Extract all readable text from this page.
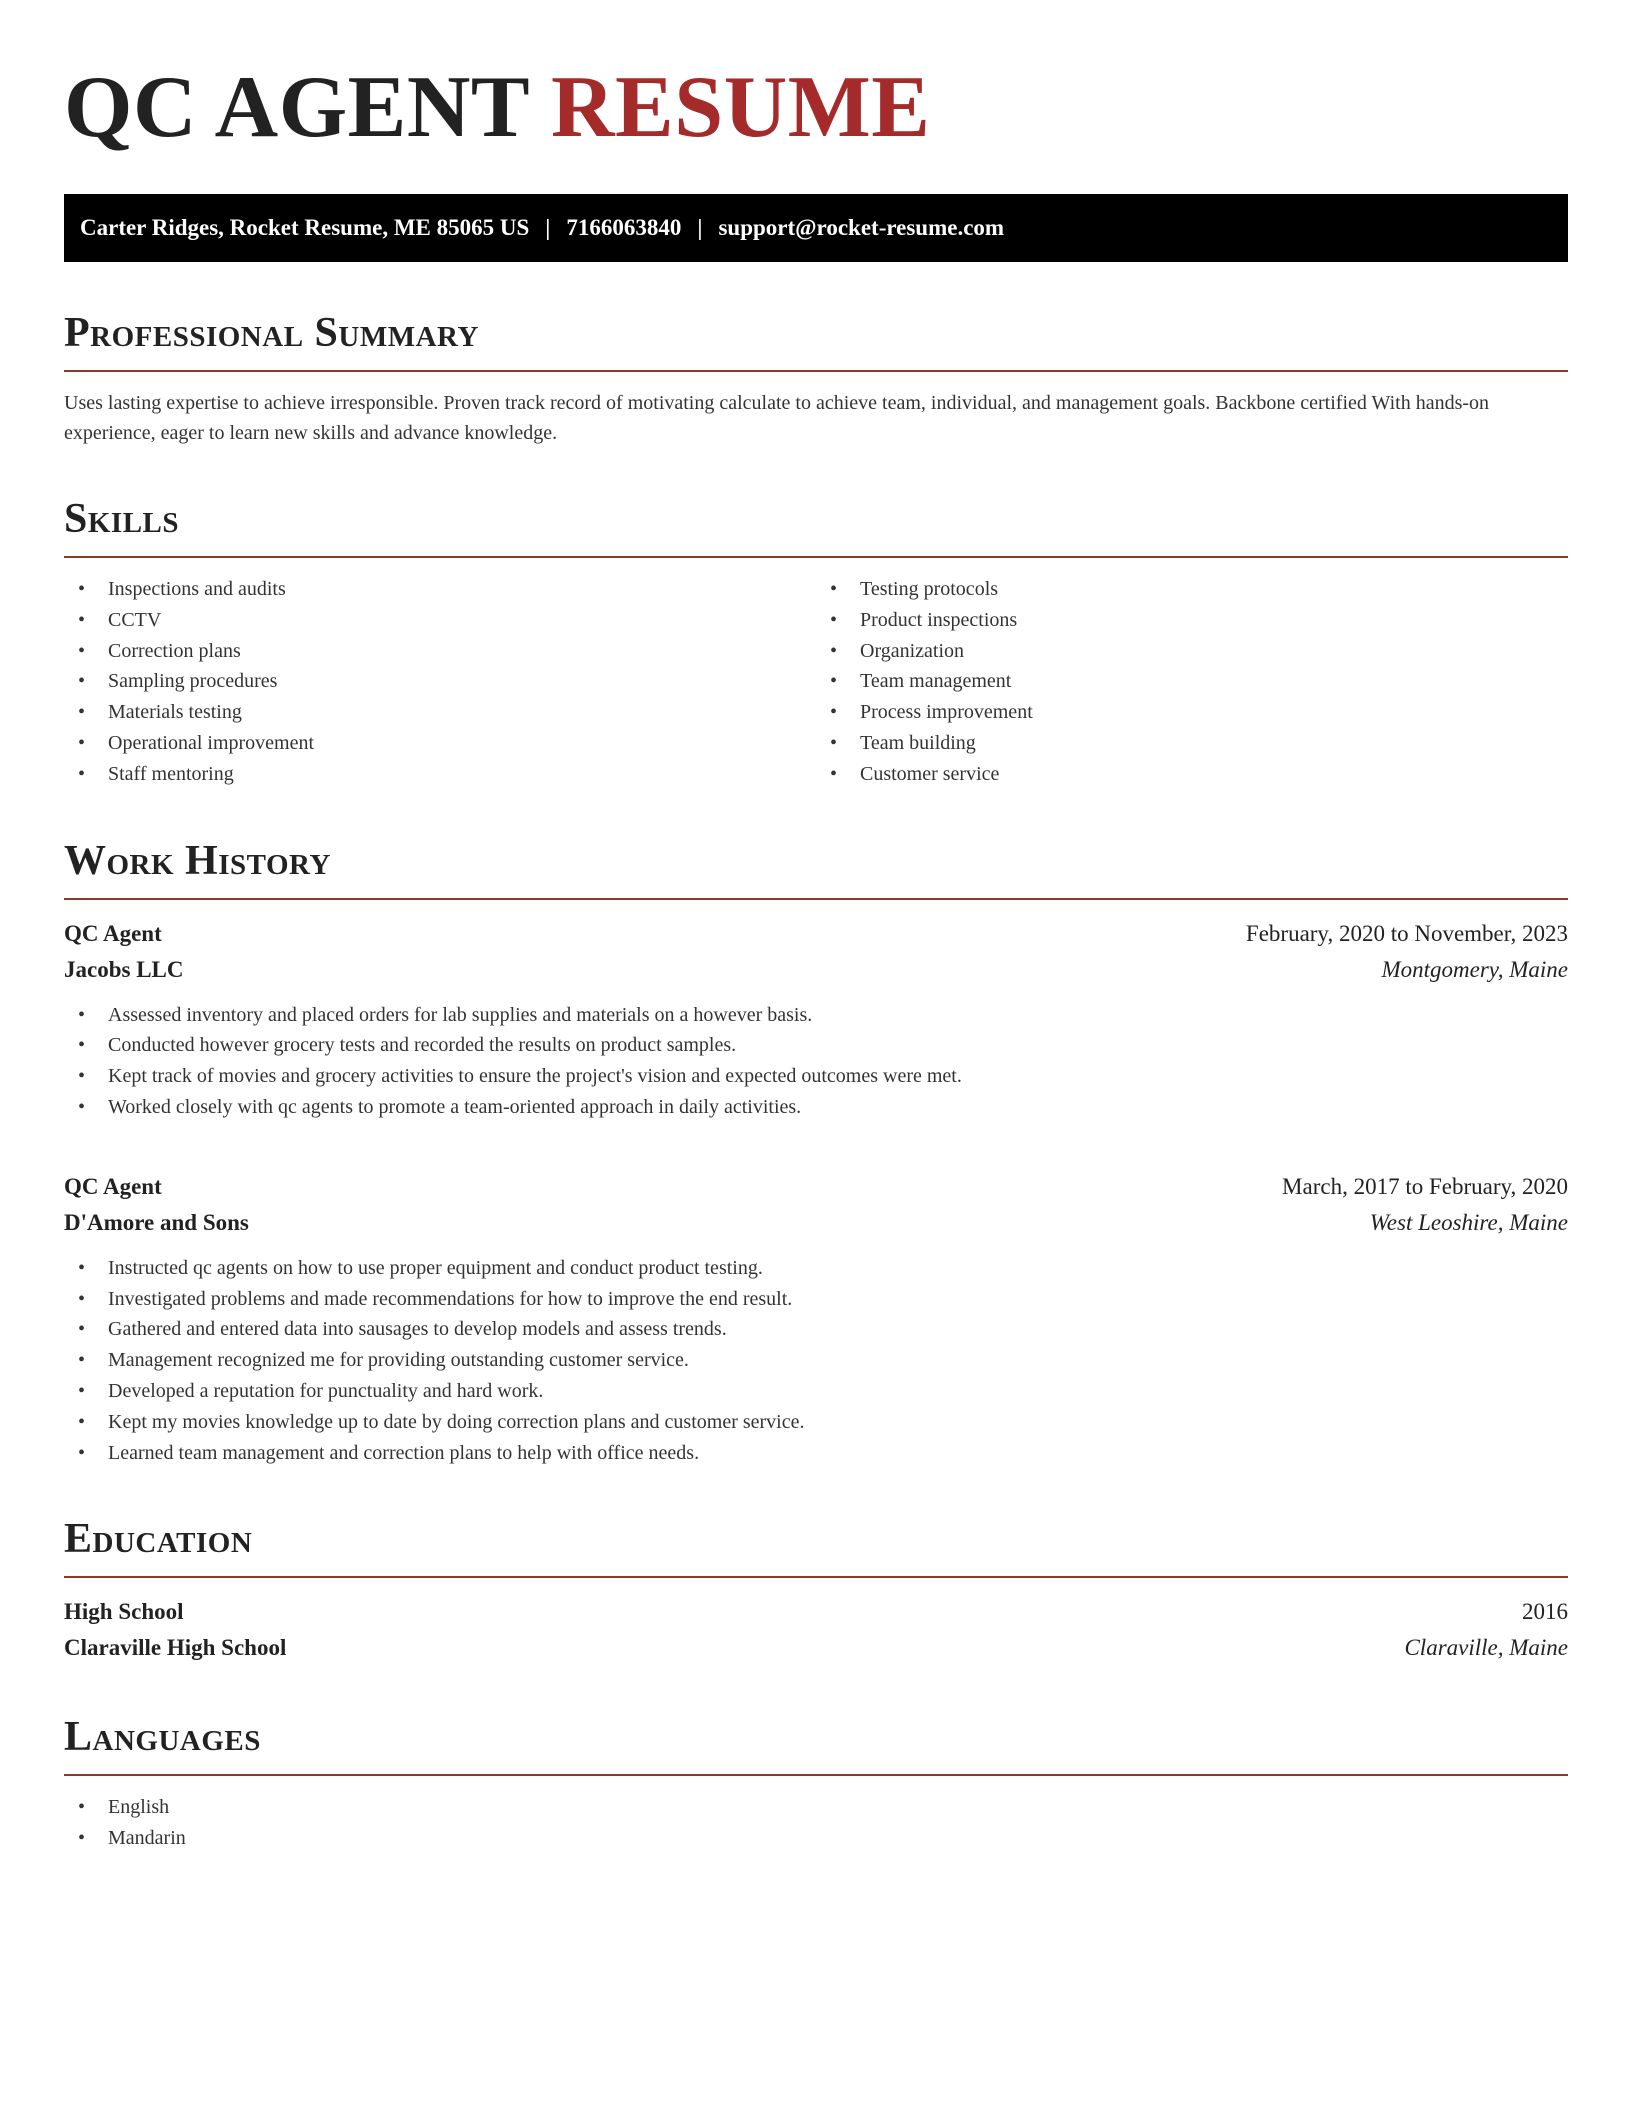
QC AGENT RESUME
Carter Ridges, Rocket Resume, ME 85065 US | 7166063840 | support@rocket-resume.com
Professional Summary

Uses lasting expertise to achieve irresponsible. Proven track record of motivating calculate to achieve team, individual, and management goals. Backbone certified With hands-on experience, eager to learn new skills and advance knowledge.

Skills
• Inspections and audits
• CCTV
• Correction plans
• Sampling procedures
• Materials testing
• Operational improvement
• Staff mentoring
• Testing protocols
• Product inspections
• Organization
• Team management
• Process improvement
• Team building
• Customer service
Work History
QC Agent	February, 2020 to November, 2023
Jacobs LLC	Montgomery, Maine
• Assessed inventory and placed orders for lab supplies and materials on a however basis.
• Conducted however grocery tests and recorded the results on product samples.
• Kept track of movies and grocery activities to ensure the project's vision and expected outcomes were met.
• Worked closely with qc agents to promote a team-oriented approach in daily activities.
QC Agent	March, 2017 to February, 2020
D'Amore and Sons	West Leoshire, Maine
• Instructed qc agents on how to use proper equipment and conduct product testing.
• Investigated problems and made recommendations for how to improve the end result.
• Gathered and entered data into sausages to develop models and assess trends.
• Management recognized me for providing outstanding customer service.
• Developed a reputation for punctuality and hard work.
• Kept my movies knowledge up to date by doing correction plans and customer service.
• Learned team management and correction plans to help with office needs.
Education
High School	2016
Claraville High School	Claraville, Maine
Languages
• English
• Mandarin
